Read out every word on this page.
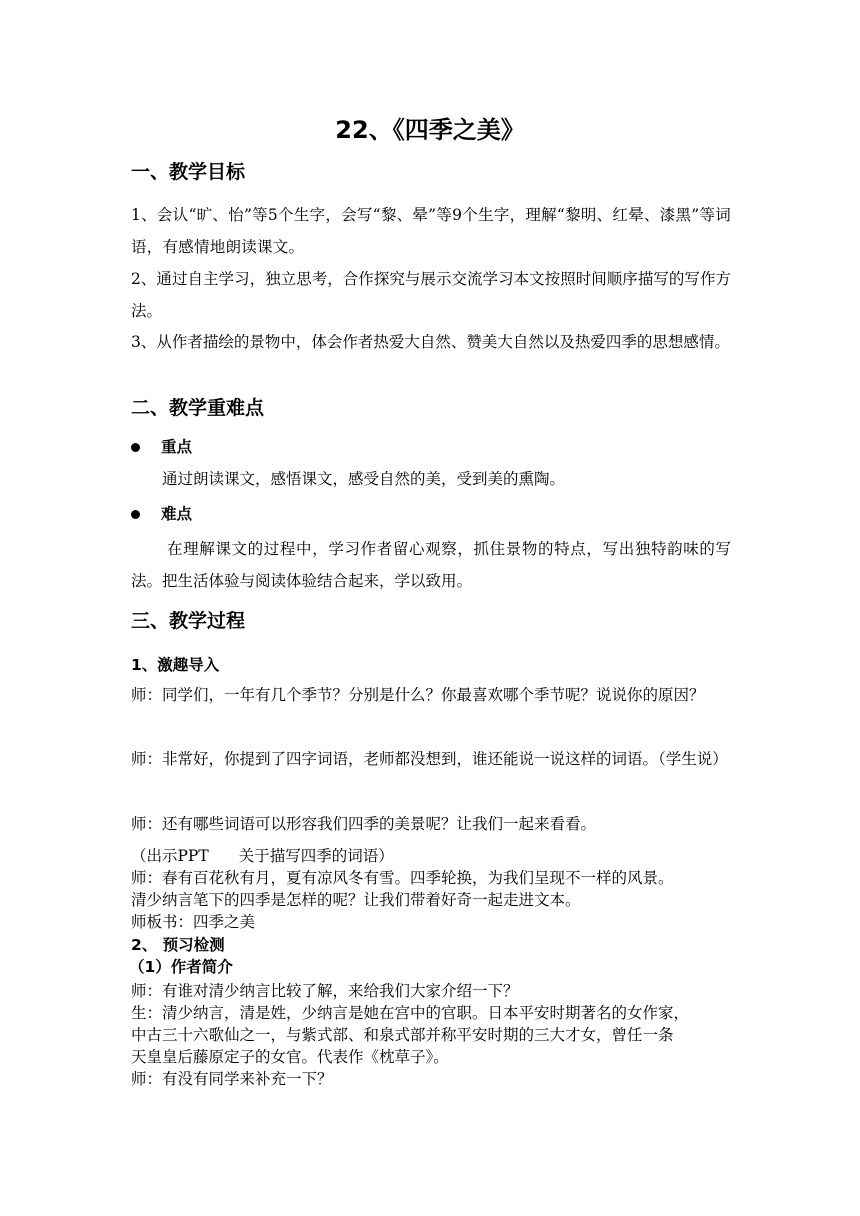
22、《四季之美》
一、教学目标
1、会认“旷、怡”等5个生字，会写“黎、晕”等9个生字，理解“黎明、红晕、漆黑”等词语，有感情地朗读课文。
2、通过自主学习，独立思考，合作探究与展示交流学习本文按照时间顺序描写的写作方法。
3、从作者描绘的景物中，体会作者热爱大自然、赞美大自然以及热爱四季的思想感情。
二、教学重难点
重点
通过朗读课文，感悟课文，感受自然的美，受到美的熏陶。
难点
在理解课文的过程中，学习作者留心观察，抓住景物的特点，写出独特韵味的写法。把生活体验与阅读体验结合起来，学以致用。
三、教学过程
1、激趣导入
师：同学们，一年有几个季节？分别是什么？你最喜欢哪个季节呢？说说你的原因？
师：非常好，你提到了四字词语，老师都没想到，谁还能说一说这样的词语。（学生说）
师：还有哪些词语可以形容我们四季的美景呢？让我们一起来看看。
（出示PPT 关于描写四季的词语）
师：春有百花秋有月，夏有凉风冬有雪。四季轮换，为我们呈现不一样的风景。
清少纳言笔下的四季是怎样的呢？让我们带着好奇一起走进文本。
师板书：四季之美
2、 预习检测
（1）作者简介
师：有谁对清少纳言比较了解，来给我们大家介绍一下？
生：清少纳言，清是姓，少纳言是她在宫中的官职。日本平安时期著名的女作家，
中古三十六歌仙之一，与紫式部、和泉式部并称平安时期的三大才女，曾任一条
天皇皇后藤原定子的女官。代表作《枕草子》。
师：有没有同学来补充一下？
